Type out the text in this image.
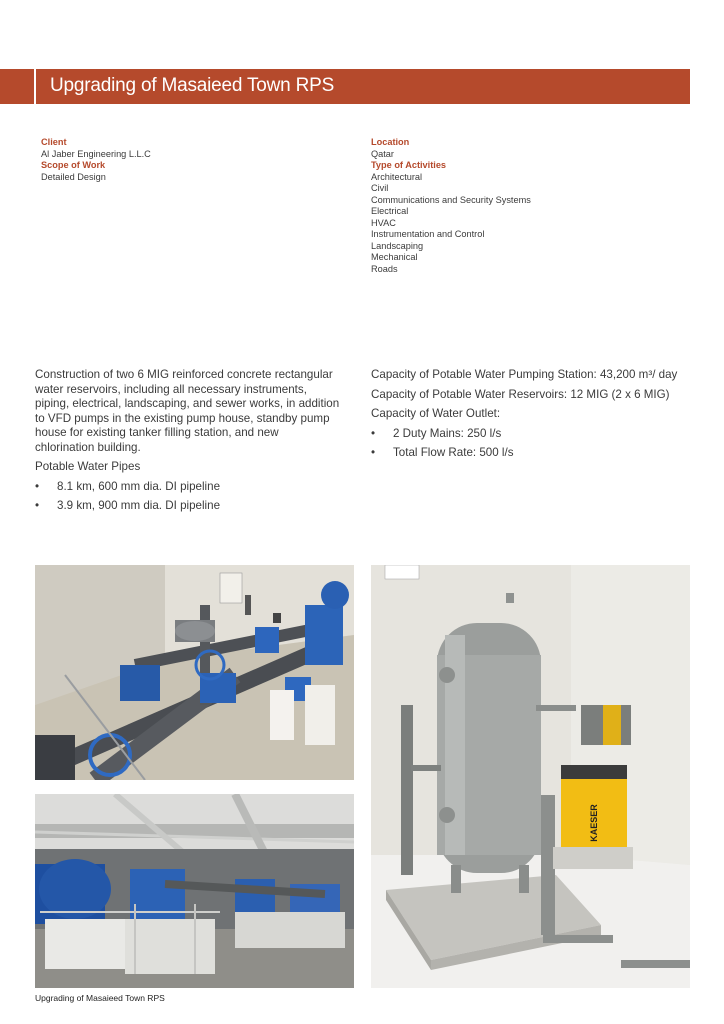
Upgrading of Masaieed Town RPS
Client
Al Jaber Engineering L.L.C
Scope of Work
Detailed Design
Location
Qatar
Type of Activities
Architectural
Civil
Communications and Security Systems
Electrical
HVAC
Instrumentation and Control
Landscaping
Mechanical
Roads

Construction of two 6 MIG reinforced concrete rectangular water reservoirs, including all necessary instruments, piping, electrical, landscaping, and sewer works, in addition to VFD pumps in the existing pump house, standby pump house for existing tanker filling station, and new chlorination building.

Potable Water Pipes

• 8.1 km, 600 mm dia. DI pipeline
• 3.9 km, 900 mm dia. DI pipeline

Capacity of Potable Water Pumping Station: 43,200 m³/ day

Capacity of Potable Water Reservoirs: 12 MIG (2 x 6 MIG)

Capacity of Water Outlet:

• 2 Duty Mains: 250 l/s
• Total Flow Rate: 500 l/s
KAESER
Upgrading of Masaieed Town RPS
